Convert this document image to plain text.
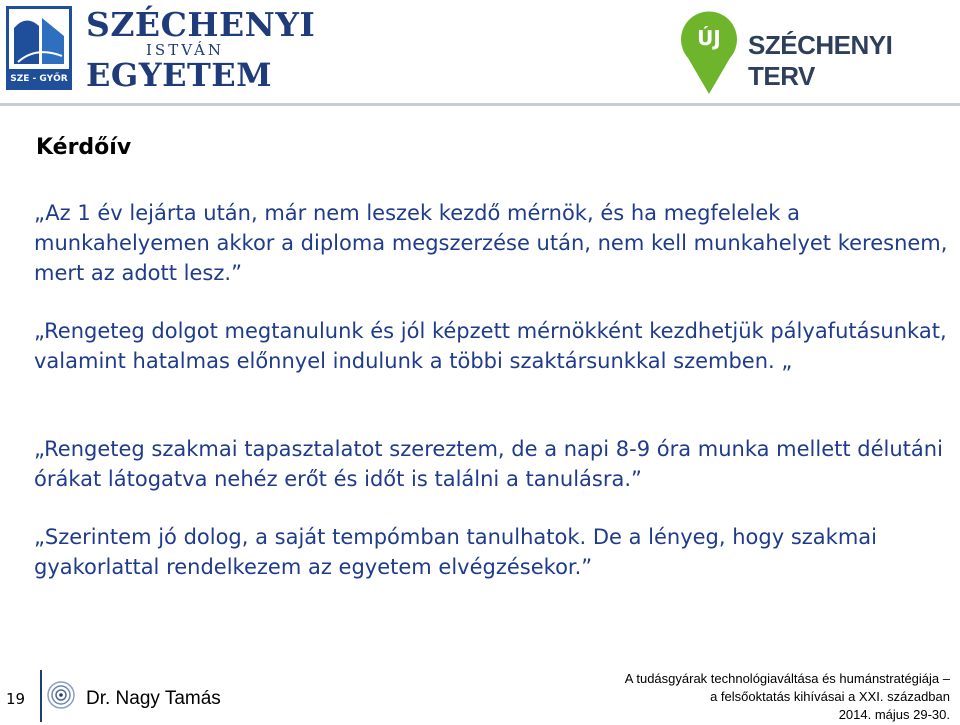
SZE - GYŐR
SZÉCHENYI
ISTVÁN
EGYETEM
ÚJ	SZÉCHENYI TERV
Kérdőív
„Az 1 év lejárta után, már nem leszek kezdő mérnök, és ha megfelelek a munkahelyemen akkor a diploma megszerzése után, nem kell munkahelyet keresnem, mert az adott lesz.”
„Rengeteg dolgot megtanulunk és jól képzett mérnökként kezdhetjük pályafutásunkat, valamint hatalmas előnnyel indulunk a többi szaktársunkkal szemben. „
„Rengeteg szakmai tapasztalatot szereztem, de a napi 8-9 óra munka mellett délutáni órákat látogatva nehéz erőt és időt is találni a tanulásra.”
„Szerintem jó dolog, a saját tempómban tanulhatok. De a lényeg, hogy szakmai gyakorlattal rendelkezem az egyetem elvégzésekor.”
19	Dr. Nagy Tamás
A tudásgyárak technológiaváltása és humánstratégiája –
a felsőoktatás kihívásai a XXI. században
2014. május 29-30.
